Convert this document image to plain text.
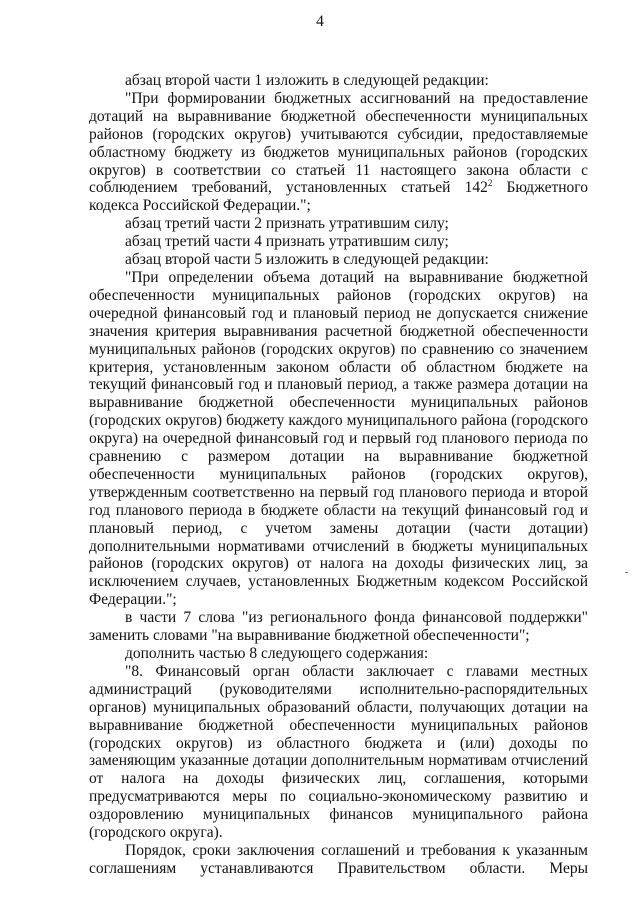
4

абзац второй части 1 изложить в следующей редакции:

"При формировании бюджетных ассигнований на предоставление дотаций на выравнивание бюджетной обеспеченности муниципальных районов (городских округов) учитываются субсидии, предоставляемые областному бюджету из бюджетов муниципальных районов (городских округов) в соответствии со статьей 11 настоящего закона области с соблюдением требований, установленных статьей $142^2$ Бюджетного кодекса Российской Федерации.";

абзац третий части 2 признать утратившим силу;

абзац третий части 4 признать утратившим силу;

абзац второй части 5 изложить в следующей редакции:

"При определении объема дотаций на выравнивание бюджетной обеспеченности муниципальных районов (городских округов) на очередной финансовый год и плановый период не допускается снижение значения критерия выравнивания расчетной бюджетной обеспеченности муниципальных районов (городских округов) по сравнению со значением критерия, установленным законом области об областном бюджете на текущий финансовый год и плановый период, а также размера дотации на выравнивание бюджетной обеспеченности муниципальных районов (городских округов) бюджету каждого муниципального района (городского округа) на очередной финансовый год и первый год планового периода по сравнению с размером дотации на выравнивание бюджетной обеспеченности муниципальных районов (городских округов), утвержденным соответственно на первый год планового периода и второй год планового периода в бюджете области на текущий финансовый год и плановый период, с учетом замены дотации (части дотации) дополнительными нормативами отчислений в бюджеты муниципальных районов (городских округов) от налога на доходы физических лиц, за исключением случаев, установленных Бюджетным кодексом Российской Федерации.";

в части 7 слова "из регионального фонда финансовой поддержки" заменить словами "на выравнивание бюджетной обеспеченности";

дополнить частью 8 следующего содержания:

"8. Финансовый орган области заключает с главами местных администраций (руководителями исполнительно-распорядительных органов) муниципальных образований области, получающих дотации на выравнивание бюджетной обеспеченности муниципальных районов (городских округов) из областного бюджета и (или) доходы по заменяющим указанные дотации дополнительным нормативам отчислений от налога на доходы физических лиц, соглашения, которыми предусматриваются меры по социально-экономическому развитию и оздоровлению муниципальных финансов муниципального района (городского округа).

Порядок, сроки заключения соглашений и требования к указанным соглашениям устанавливаются Правительством области. Меры
